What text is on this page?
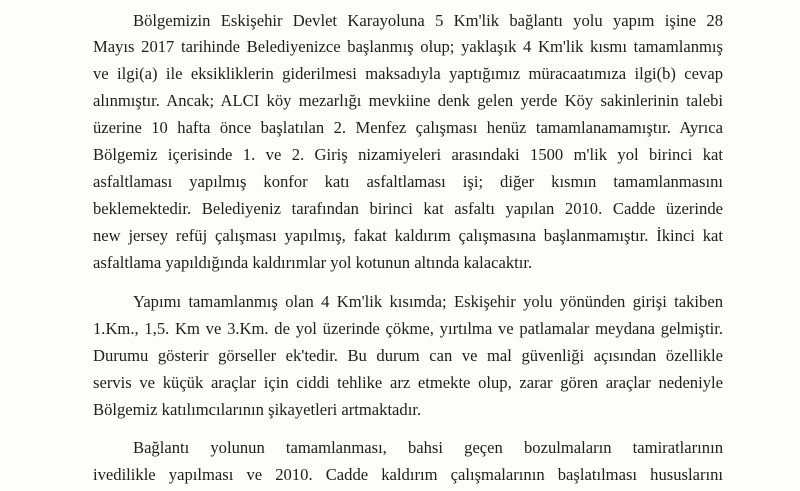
Bölgemizin Eskişehir Devlet Karayoluna 5 Km'lik bağlantı yolu yapım işine 28
Mayıs 2017 tarihinde Belediyenizce başlanmış olup; yaklaşık 4 Km'lik kısmı tamamlanmış
ve ilgi(a) ile eksikliklerin giderilmesi maksadıyla yaptığımız müracaatımıza ilgi(b) cevap
alınmıştır. Ancak; ALCI köy mezarlığı mevkiine denk gelen yerde Köy sakinlerinin talebi
üzerine 10 hafta önce başlatılan 2. Menfez çalışması henüz tamamlanamamıştır. Ayrıca
Bölgemiz içerisinde 1. ve 2. Giriş nizamiyeleri arasındaki 1500 m'lik yol birinci kat
asfaltlaması yapılmış konfor katı asfaltlaması işi; diğer kısmın tamamlanmasını
beklemektedir. Belediyeniz tarafından birinci kat asfaltı yapılan 2010. Cadde üzerinde
new jersey refüj çalışması yapılmış, fakat kaldırım çalışmasına başlanmamıştır. İkinci kat
asfaltlama yapıldığında kaldırımlar yol kotunun altında kalacaktır.
Yapımı tamamlanmış olan 4 Km'lik kısımda; Eskişehir yolu yönünden girişi takiben
1.Km., 1,5. Km ve 3.Km. de yol üzerinde çökme, yırtılma ve patlamalar meydana gelmiştir.
Durumu gösterir görseller ek'tedir. Bu durum can ve mal güvenliği açısından özellikle
servis ve küçük araçlar için ciddi tehlike arz etmekte olup, zarar gören araçlar nedeniyle
Bölgemiz katılımcılarının şikayetleri artmaktadır.
Bağlantı yolunun tamamlanması, bahsi geçen bozulmaların tamiratlarının
ivedilikle yapılması ve 2010. Cadde kaldırım çalışmalarının başlatılması hususlarını
